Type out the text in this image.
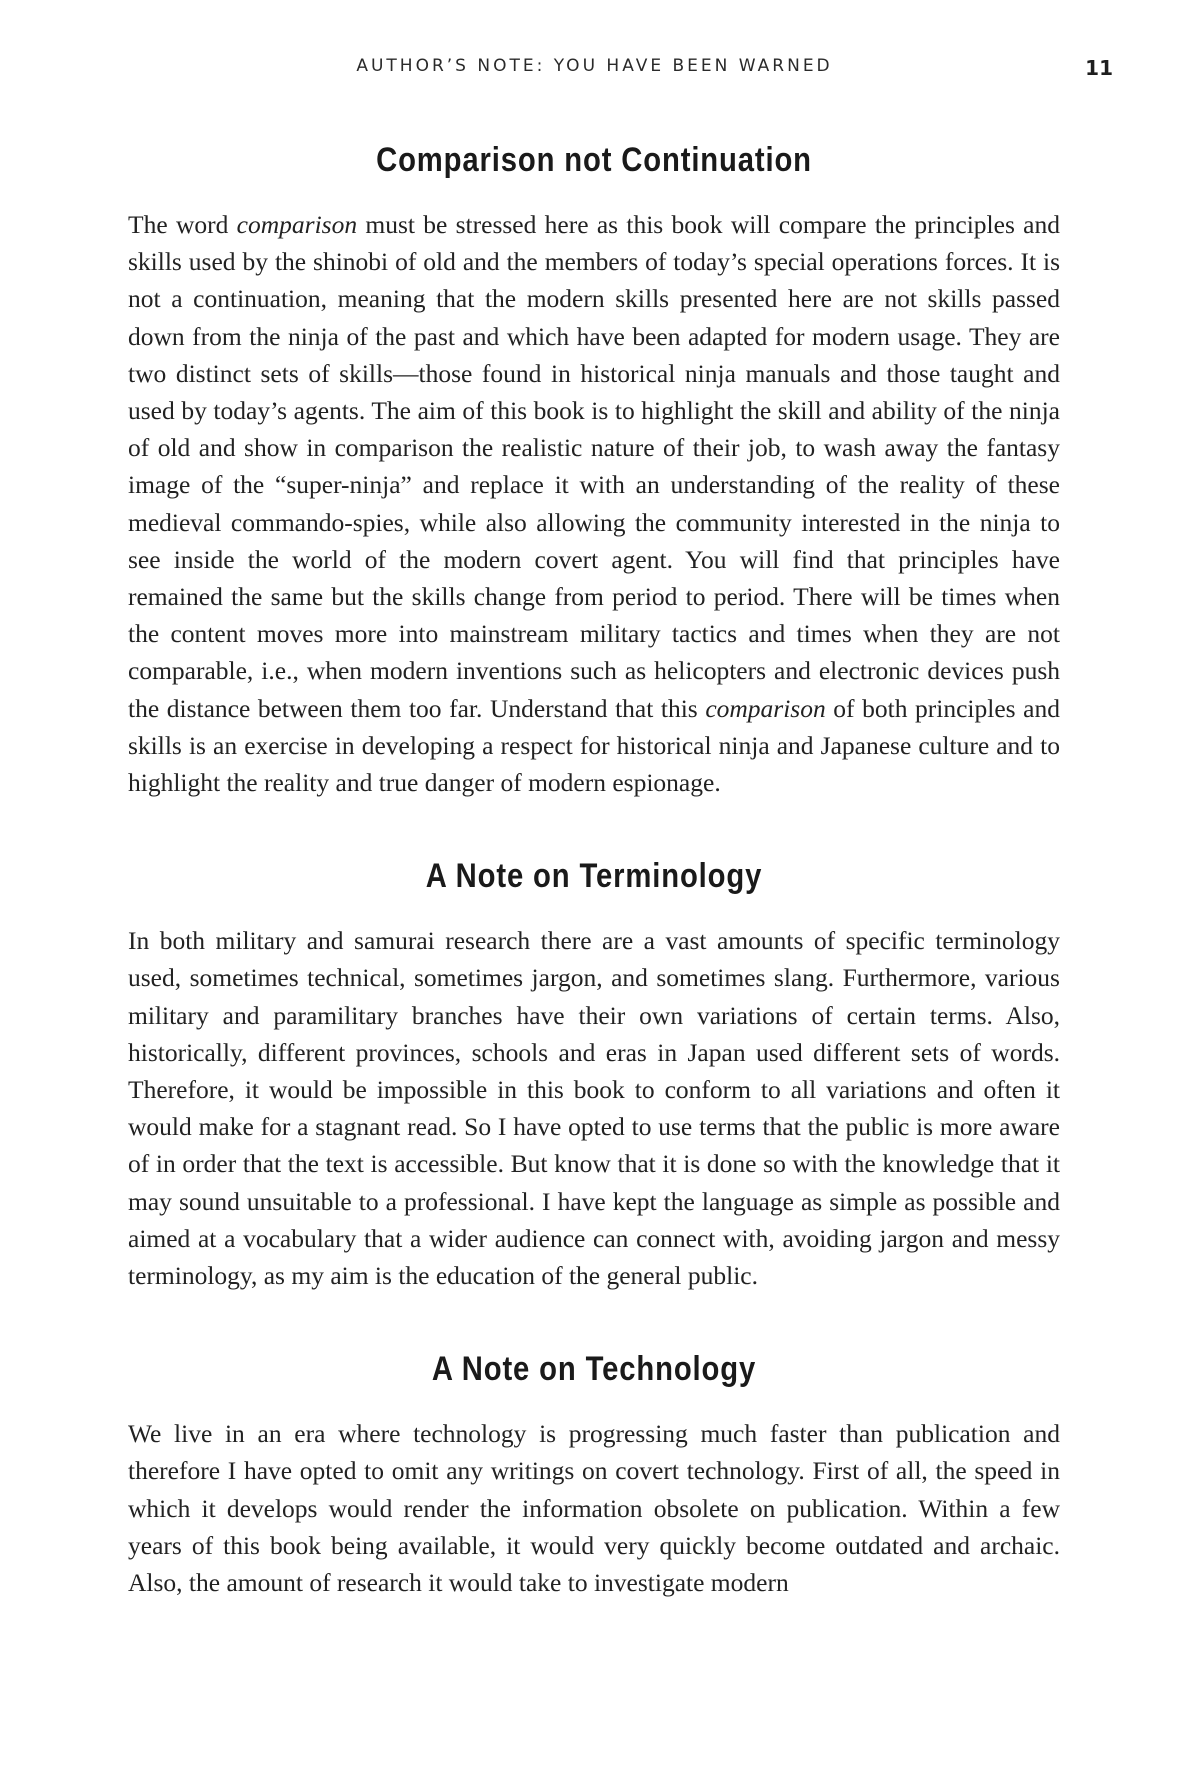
AUTHOR’S NOTE: YOU HAVE BEEN WARNED	11
Comparison not Continuation

The word comparison must be stressed here as this book will compare the principles and skills used by the shinobi of old and the members of today’s special operations forces. It is not a continuation, meaning that the modern skills presented here are not skills passed down from the ninja of the past and which have been adapted for modern usage. They are two distinct sets of skills—those found in historical ninja manuals and those taught and used by today’s agents. The aim of this book is to highlight the skill and ability of the ninja of old and show in comparison the realistic nature of their job, to wash away the fantasy image of the “super-ninja” and replace it with an understanding of the reality of these medieval commando-spies, while also allowing the community interested in the ninja to see inside the world of the modern covert agent. You will find that principles have remained the same but the skills change from period to period. There will be times when the content moves more into mainstream military tactics and times when they are not comparable, i.e., when modern inventions such as helicopters and electronic devices push the distance between them too far. Understand that this comparison of both principles and skills is an exercise in developing a respect for historical ninja and Japanese culture and to highlight the reality and true danger of modern espionage.

A Note on Terminology

In both military and samurai research there are a vast amounts of specific terminology used, sometimes technical, sometimes jargon, and sometimes slang. Furthermore, various military and paramilitary branches have their own variations of certain terms. Also, historically, different provinces, schools and eras in Japan used different sets of words. Therefore, it would be impossible in this book to conform to all variations and often it would make for a stagnant read. So I have opted to use terms that the public is more aware of in order that the text is accessible. But know that it is done so with the knowledge that it may sound unsuitable to a professional. I have kept the language as simple as possible and aimed at a vocabulary that a wider audience can connect with, avoiding jargon and messy terminology, as my aim is the education of the general public.

A Note on Technology

We live in an era where technology is progressing much faster than publication and therefore I have opted to omit any writings on covert technology. First of all, the speed in which it develops would render the information obsolete on publication. Within a few years of this book being available, it would very quickly become outdated and archaic. Also, the amount of research it would take to investigate modern
